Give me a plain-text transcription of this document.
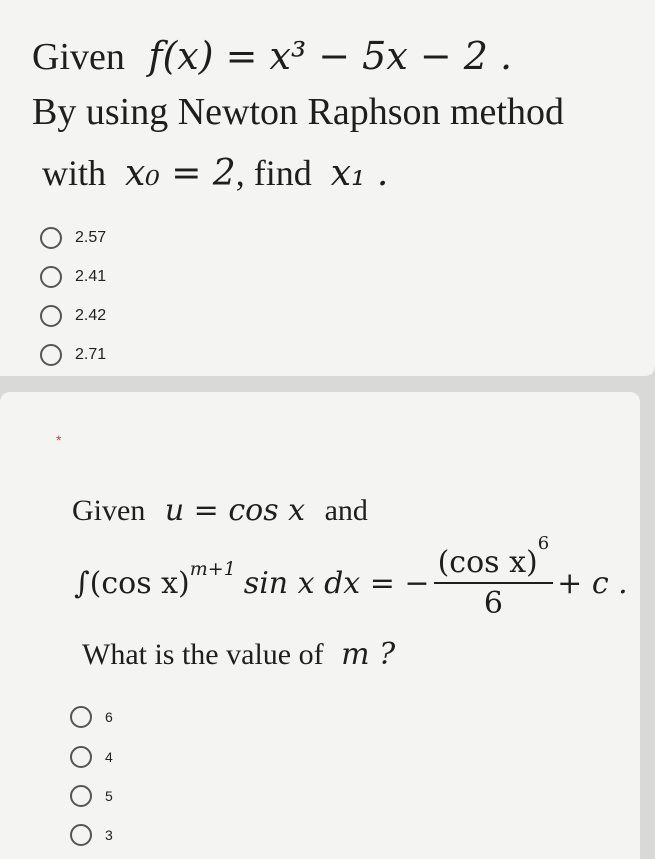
Given f(x) = x³ − 5x − 2 .
By using Newton Raphson method
with x₀ = 2, find x₁ .
2.57
2.41
2.42
2.71
*
Given u = cos x and
∫(cos x)$^{m+1}$ sin x dx = − $\frac{(\cos x)^6}{6} + c$ .
What is the value of m ?
6
4
5
3
